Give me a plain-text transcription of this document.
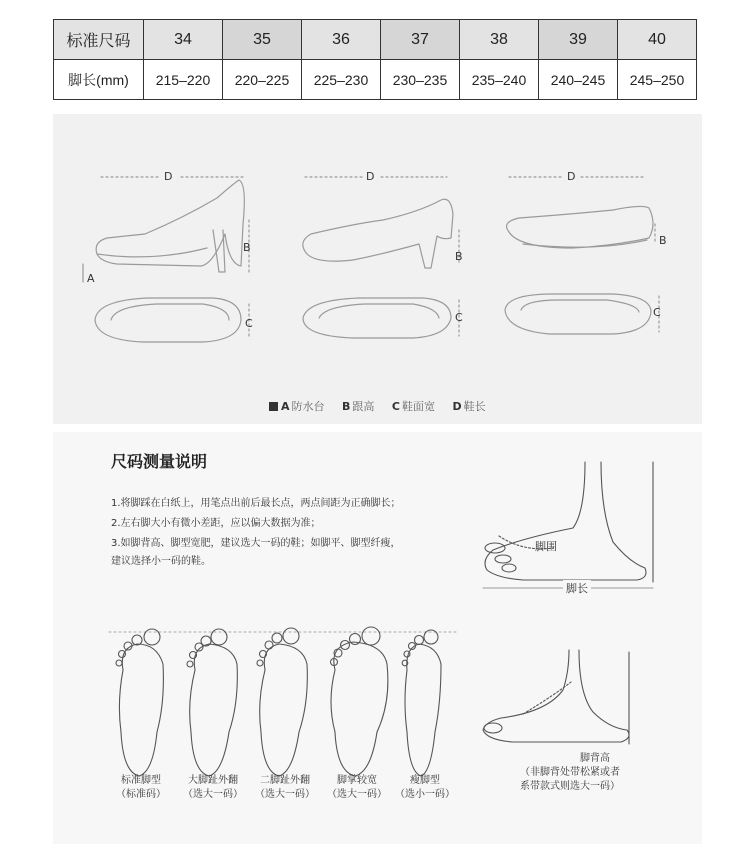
标准尺码	34	35	36	37	38	39	40
脚长(mm)	215–220	220–225	225–230	230–235	235–240	240–245	245–250
D	D	D
B
B
B
A
C	C	C
A 防水台 B 跟高 C 鞋面宽 D 鞋长
尺码测量说明
1.将脚踩在白纸上，用笔点出前后最长点，两点间距为正确脚长；
2.左右脚大小有微小差距，应以偏大数据为准；
3.如脚背高、脚型宽肥，建议选大一码的鞋；如脚平、脚型纤瘦，
建议选择小一码的鞋。
脚围
脚长
脚背高
（非脚背处带松紧或者
系带款式则选大一码）
标准脚型
（标准码）
大脚趾外翻
（选大一码）
二脚趾外翻
（选大一码）
脚掌较宽
（选大一码）
瘦脚型
（选小一码）
